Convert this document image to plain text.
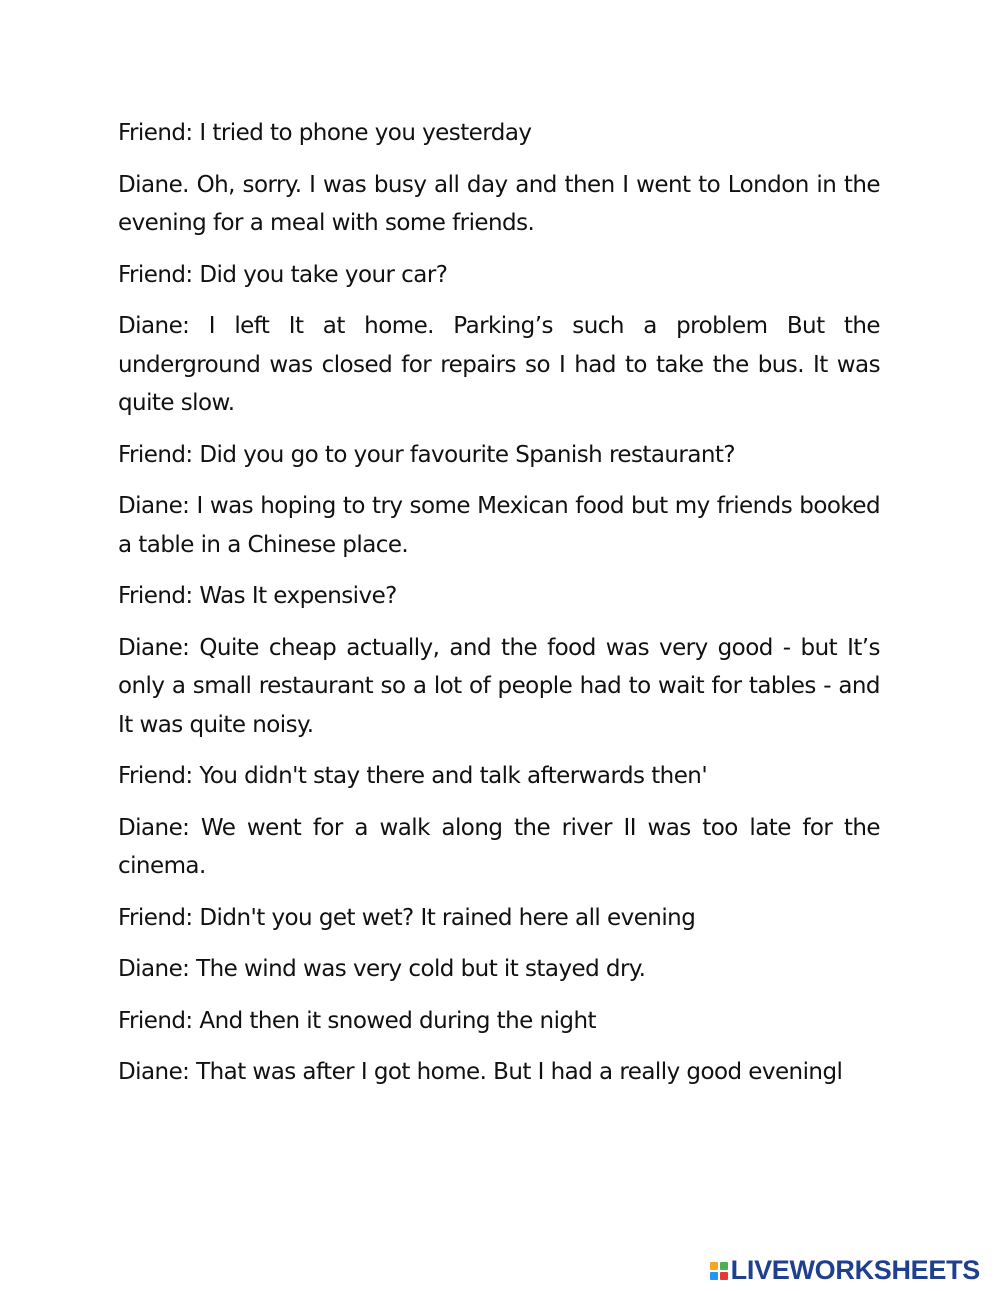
Friend: I tried to phone you yesterday

Diane. Oh, sorry. I was busy all day and then I went to London in the evening for a meal with some friends.

Friend: Did you take your car?

Diane: I left It at home. Parking’s such a problem But the underground was closed for repairs so I had to take the bus. It was quite slow.

Friend: Did you go to your favourite Spanish restaurant?

Diane: I was hoping to try some Mexican food but my friends booked a table in a Chinese place.

Friend: Was It expensive?

Diane: Quite cheap actually, and the food was very good - but It’s only a small restaurant so a lot of people had to wait for tables - and It was quite noisy.

Friend: You didn't stay there and talk afterwards then'

Diane: We went for a walk along the river II was too late for the cinema.

Friend: Didn't you get wet? It rained here all evening

Diane: The wind was very cold but it stayed dry.

Friend: And then it snowed during the night

Diane: That was after I got home. But I had a really good eveningl

LIVEWORKSHEETS
